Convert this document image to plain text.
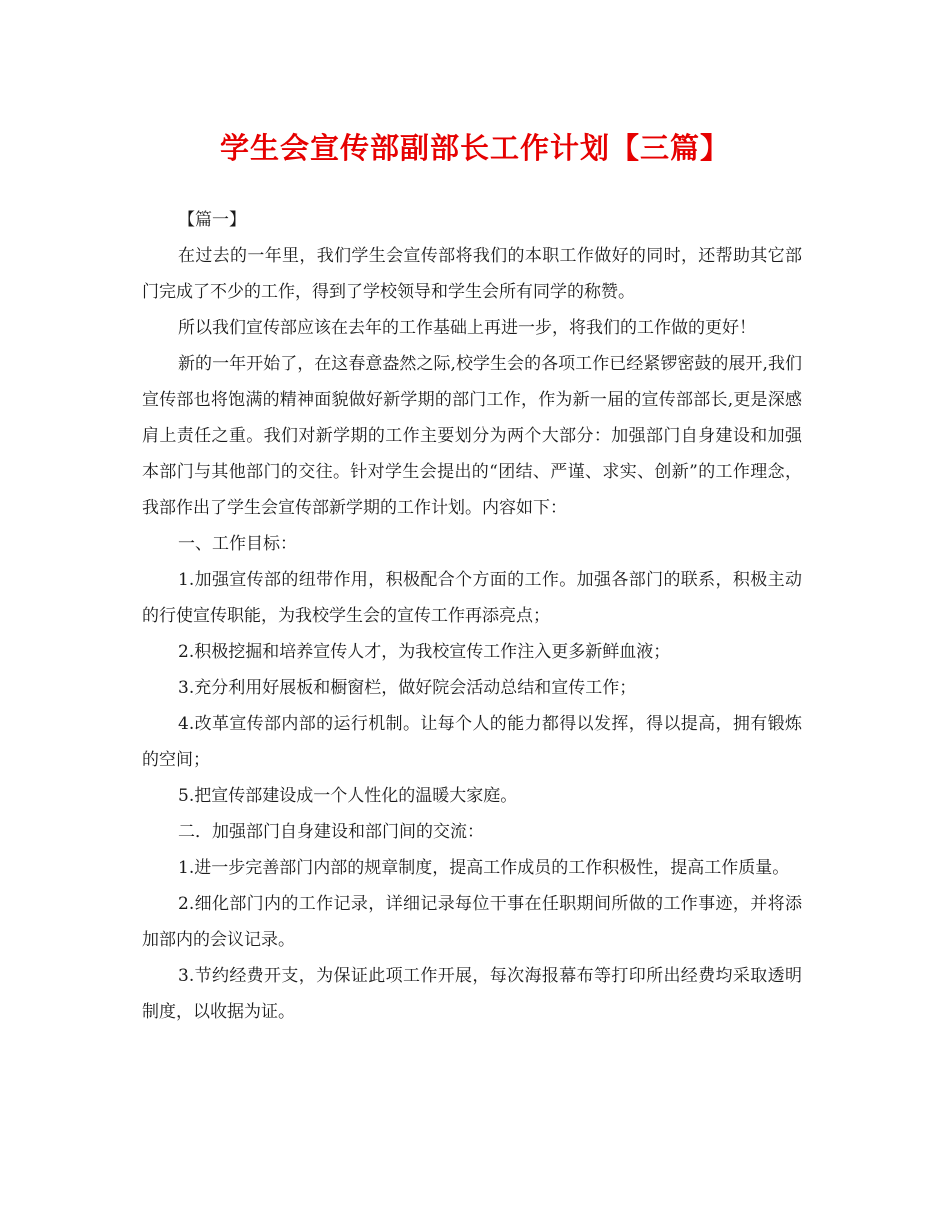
学生会宣传部副部长工作计划【三篇】

【篇一】

在过去的一年里，我们学生会宣传部将我们的本职工作做好的同时，还帮助其它部门完成了不少的工作，得到了学校领导和学生会所有同学的称赞。

所以我们宣传部应该在去年的工作基础上再进一步，将我们的工作做的更好！

新的一年开始了，在这春意盎然之际,校学生会的各项工作已经紧锣密鼓的展开,我们宣传部也将饱满的精神面貌做好新学期的部门工作，作为新一届的宣传部部长,更是深感肩上责任之重。我们对新学期的工作主要划分为两个大部分：加强部门自身建设和加强本部门与其他部门的交往。针对学生会提出的“团结、严谨、求实、创新”的工作理念，我部作出了学生会宣传部新学期的工作计划。内容如下：

一、工作目标：

1.加强宣传部的纽带作用，积极配合个方面的工作。加强各部门的联系，积极主动的行使宣传职能，为我校学生会的宣传工作再添亮点；

2.积极挖掘和培养宣传人才，为我校宣传工作注入更多新鲜血液；

3.充分利用好展板和橱窗栏，做好院会活动总结和宣传工作；

4.改革宣传部内部的运行机制。让每个人的能力都得以发挥，得以提高，拥有锻炼的空间；

5.把宣传部建设成一个人性化的温暖大家庭。

二．加强部门自身建设和部门间的交流：

1.进一步完善部门内部的规章制度，提高工作成员的工作积极性，提高工作质量。

2.细化部门内的工作记录，详细记录每位干事在任职期间所做的工作事迹，并将添加部内的会议记录。

3.节约经费开支，为保证此项工作开展，每次海报幕布等打印所出经费均采取透明制度，以收据为证。
